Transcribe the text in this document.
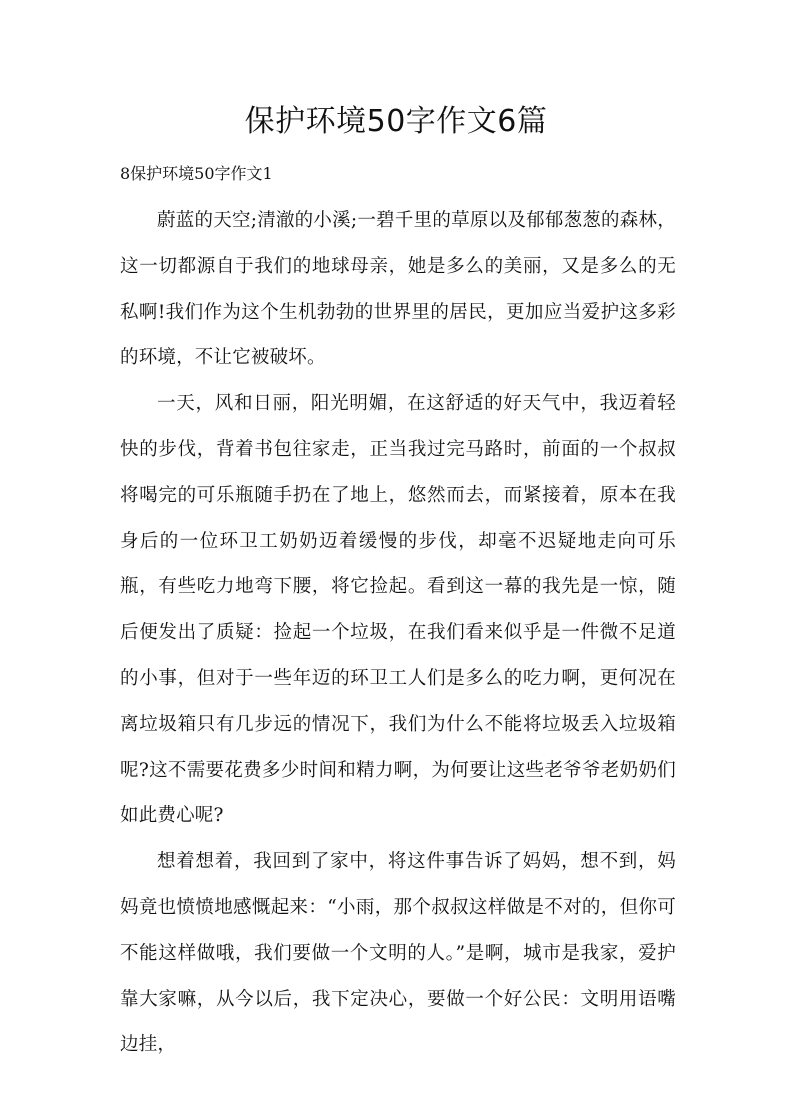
保护环境50字作文6篇

8保护环境50字作文1

蔚蓝的天空;清澈的小溪;一碧千里的草原以及郁郁葱葱的森林，这一切都源自于我们的地球母亲，她是多么的美丽，又是多么的无私啊!我们作为这个生机勃勃的世界里的居民，更加应当爱护这多彩的环境，不让它被破坏。

一天，风和日丽，阳光明媚，在这舒适的好天气中，我迈着轻快的步伐，背着书包往家走，正当我过完马路时，前面的一个叔叔将喝完的可乐瓶随手扔在了地上，悠然而去，而紧接着，原本在我身后的一位环卫工奶奶迈着缓慢的步伐，却毫不迟疑地走向可乐瓶，有些吃力地弯下腰，将它捡起。看到这一幕的我先是一惊，随后便发出了质疑：捡起一个垃圾，在我们看来似乎是一件微不足道的小事，但对于一些年迈的环卫工人们是多么的吃力啊，更何况在离垃圾箱只有几步远的情况下，我们为什么不能将垃圾丢入垃圾箱呢?这不需要花费多少时间和精力啊，为何要让这些老爷爷老奶奶们如此费心呢?

想着想着，我回到了家中，将这件事告诉了妈妈，想不到，妈妈竟也愤愤地感慨起来：“小雨，那个叔叔这样做是不对的，但你可不能这样做哦，我们要做一个文明的人。”是啊，城市是我家，爱护靠大家嘛，从今以后，我下定决心，要做一个好公民：文明用语嘴边挂，
